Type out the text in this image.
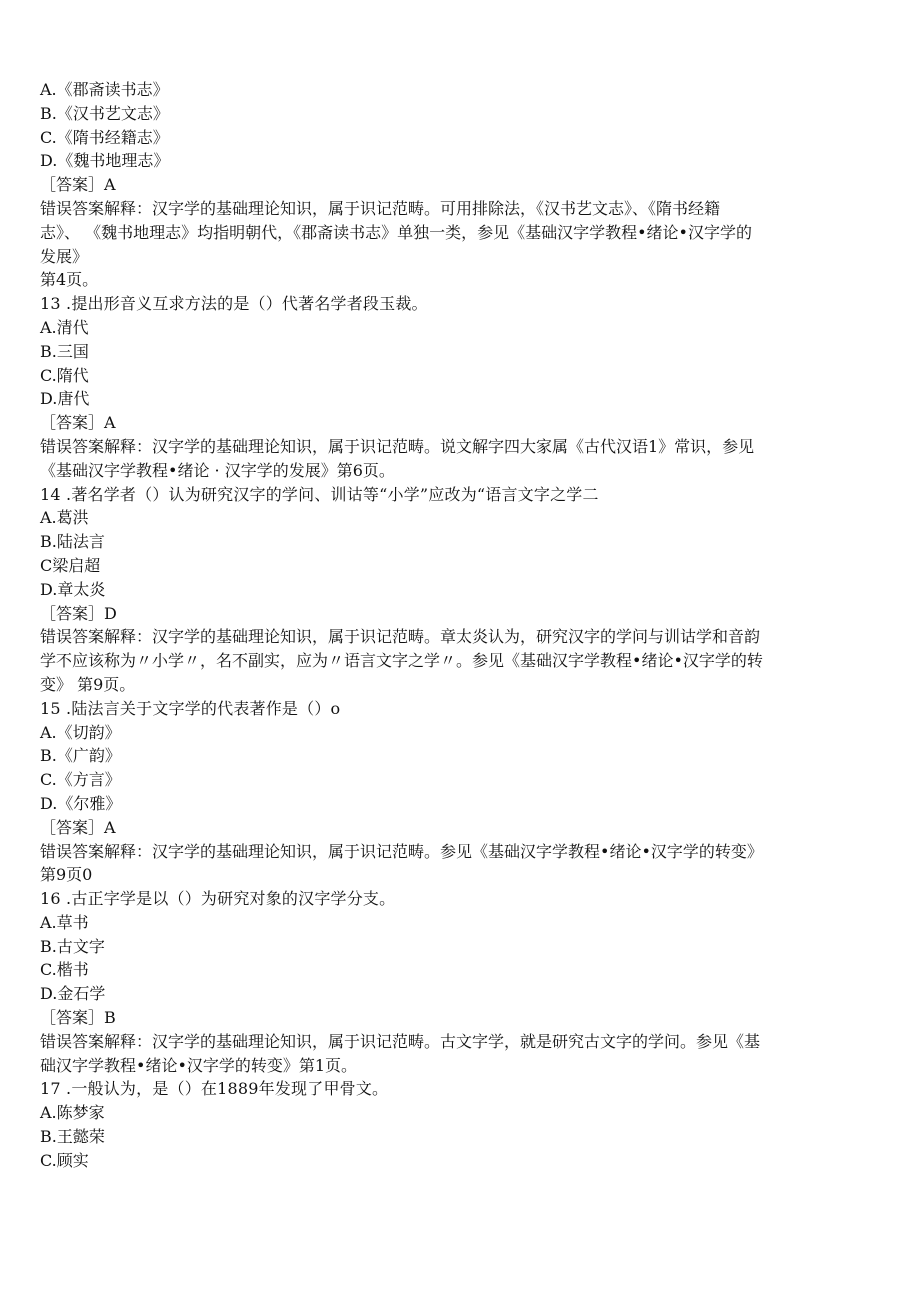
A.《郡斋读书志》
B.《汉书艺文志》
C.《隋书经籍志》
D.《魏书地理志》
［答案］A
错误答案解释：汉字学的基础理论知识，属于识记范畴。可用排除法，《汉书艺文志》、《隋书经籍
志》、 《魏书地理志》均指明朝代，《郡斋读书志》单独一类，参见《基础汉字学教程•绪论•汉字学的
发展》
第4页。
13 .提出形音义互求方法的是（）代著名学者段玉裁。
A.清代
B.三国
C.隋代
D.唐代
［答案］A
错误答案解释：汉字学的基础理论知识，属于识记范畴。说文解字四大家属《古代汉语1》常识，参见
《基础汉字学教程•绪论 · 汉字学的发展》第6页。
14 .著名学者（）认为研究汉字的学问、训诂等“小学”应改为“语言文字之学二
A.葛洪
B.陆法言
C梁启超
D.章太炎
［答案］D
错误答案解释：汉字学的基础理论知识，属于识记范畴。章太炎认为，研究汉字的学问与训诂学和音韵
学不应该称为〃小学〃，名不副实，应为〃语言文字之学〃。参见《基础汉字学教程•绪论•汉字学的转
变》 第9页。
15 .陆法言关于文字学的代表著作是（）o
A.《切韵》
B.《广韵》
C.《方言》
D.《尔雅》
［答案］A
错误答案解释：汉字学的基础理论知识，属于识记范畴。参见《基础汉字学教程•绪论•汉字学的转变》
第9页0
16 .古正字学是以（）为研究对象的汉字学分支。
A.草书
B.古文字
C.楷书
D.金石学
［答案］B
错误答案解释：汉字学的基础理论知识，属于识记范畴。古文字学，就是研究古文字的学问。参见《基
础汉字学教程•绪论•汉字学的转变》第1页。
17 .一般认为，是（）在1889年发现了甲骨文。
A.陈梦家
B.王懿荣
C.顾实
